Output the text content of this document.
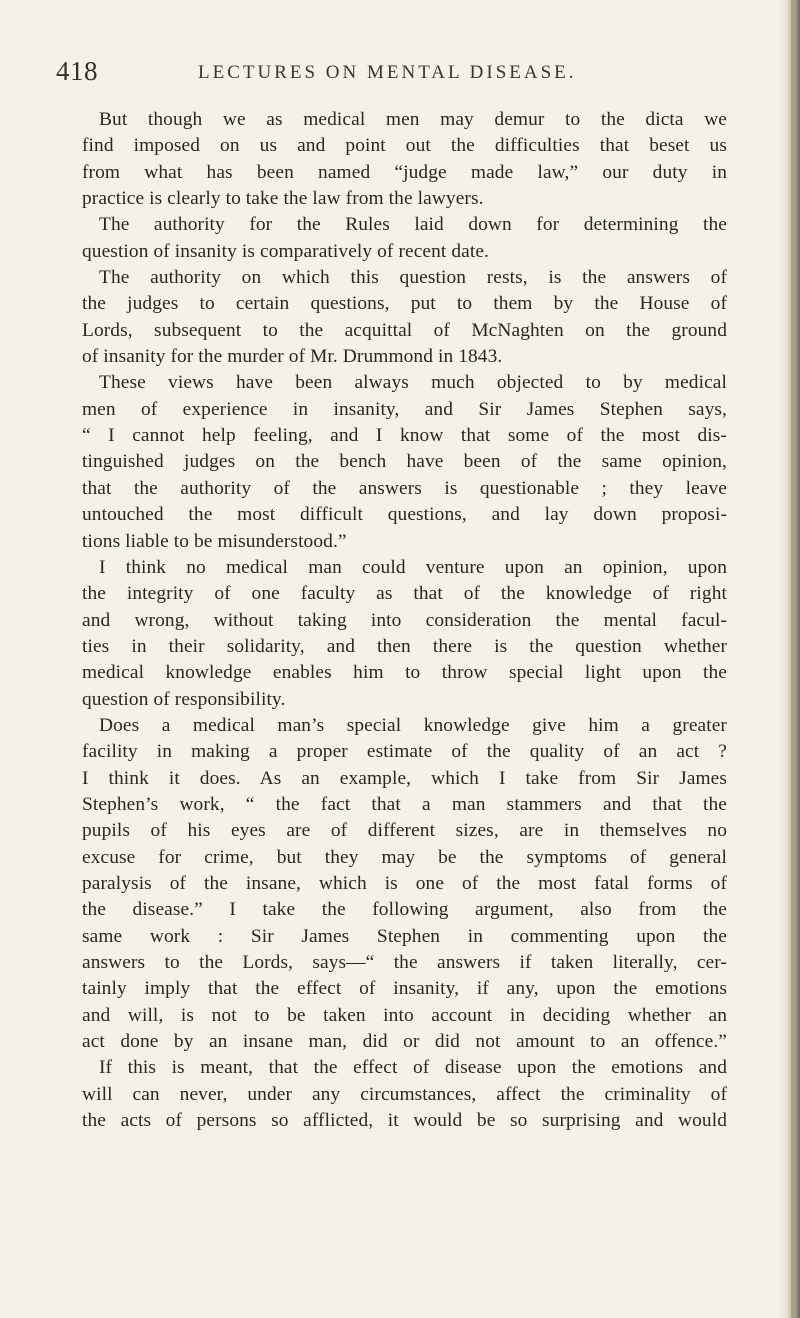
418	LECTURES ON MENTAL DISEASE.
But though we as medical men may demur to the dicta we
find imposed on us and point out the difficulties that beset us
from what has been named “judge made law,” our duty in
practice is clearly to take the law from the lawyers.
The authority for the Rules laid down for determining the
question of insanity is comparatively of recent date.
The authority on which this question rests, is the answers of
the judges to certain questions, put to them by the House of
Lords, subsequent to the acquittal of McNaghten on the ground
of insanity for the murder of Mr. Drummond in 1843.
These views have been always much objected to by medical
men of experience in insanity, and Sir James Stephen says,
“ I cannot help feeling, and I know that some of the most dis-
tinguished judges on the bench have been of the same opinion,
that the authority of the answers is questionable ; they leave
untouched the most difficult questions, and lay down proposi-
tions liable to be misunderstood.”
I think no medical man could venture upon an opinion, upon
the integrity of one faculty as that of the knowledge of right
and wrong, without taking into consideration the mental facul-
ties in their solidarity, and then there is the question whether
medical knowledge enables him to throw special light upon the
question of responsibility.
Does a medical man’s special knowledge give him a greater
facility in making a proper estimate of the quality of an act ?
I think it does. As an example, which I take from Sir James
Stephen’s work, “ the fact that a man stammers and that the
pupils of his eyes are of different sizes, are in themselves no
excuse for crime, but they may be the symptoms of general
paralysis of the insane, which is one of the most fatal forms of
the disease.” I take the following argument, also from the
same work : Sir James Stephen in commenting upon the
answers to the Lords, says—“ the answers if taken literally, cer-
tainly imply that the effect of insanity, if any, upon the emotions
and will, is not to be taken into account in deciding whether an
act done by an insane man, did or did not amount to an offence.”
If this is meant, that the effect of disease upon the emotions and
will can never, under any circumstances, affect the criminality of
the acts of persons so afflicted, it would be so surprising and would
